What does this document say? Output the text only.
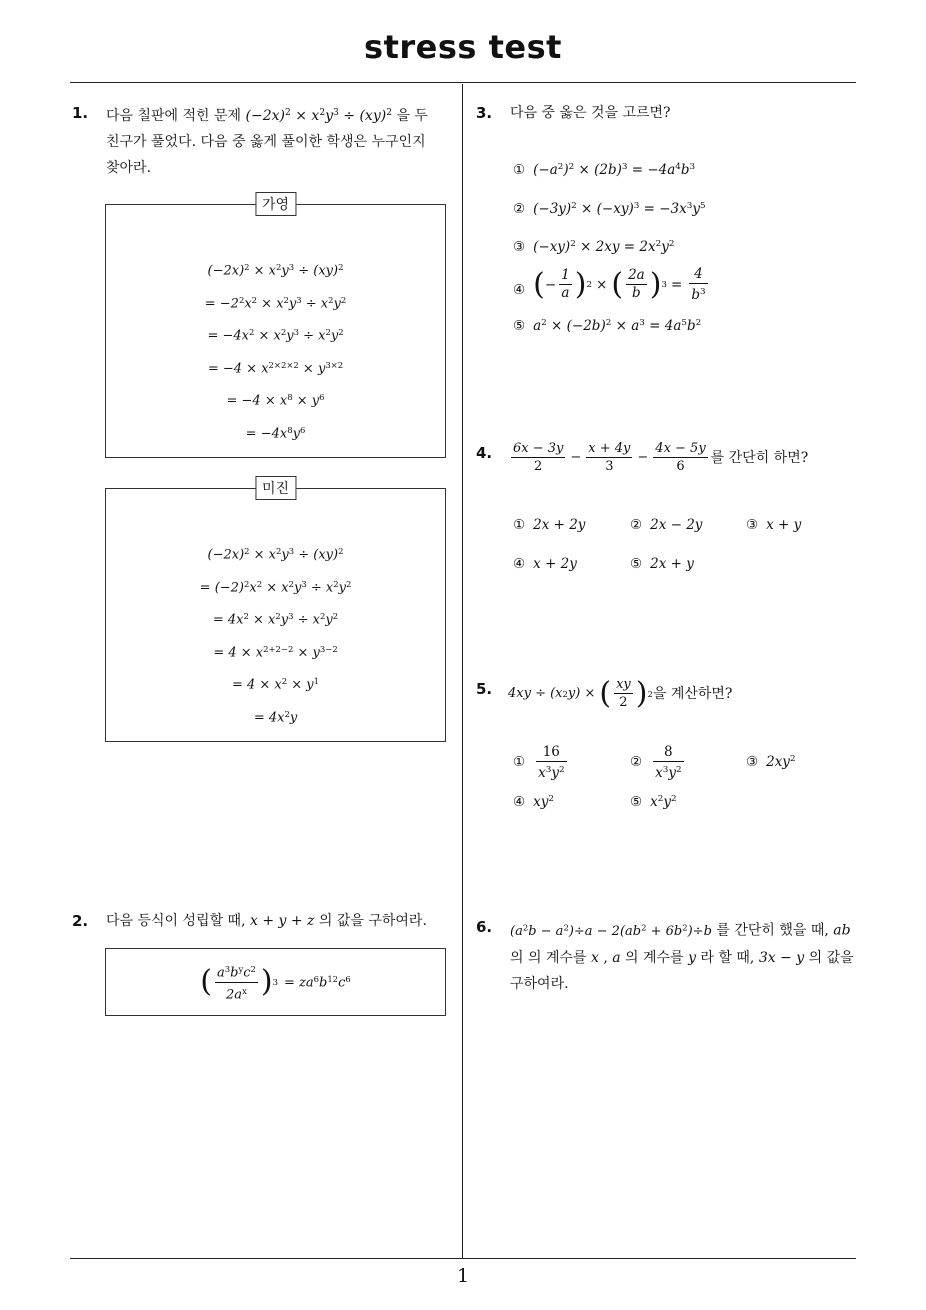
stress test
1
1. 다음 칠판에 적힌 문제 $(-2x)^2 \times x^2y^3 \div (xy)^2$ 을 두
친구가 풀었다. 다음 중 옳게 풀이한 학생은 누구인지
찾아라.
가영
$(-2x)^2 \times x^2y^3 \div (xy)^2$
= $-2^2x^2 \times x^2y^3 \div x^2y^2$
= $-4x^2 \times x^2y^3 \div x^2y^2$
= $-4 \times x^{2\times 2\times 2} \times y^{3\times 2}$
= $-4 \times x^8 \times y^6$
= $-4x^8y^6$
미진
$(-2x)^2 \times x^2y^3 \div (xy)^2$
= $(-2)^2x^2 \times x^2y^3 \div x^2y^2$
= $4x^2 \times x^2y^3 \div x^2y^2$
= $4 \times x^{2+2-2} \times y^{3-2}$
= $4 \times x^2 \times y^1$
= $4x^2y$
2. 다음 등식이 성립할 때, x + y + z 의 값을 구하여라.
( $\frac{a^3b^yc^2}{2a^x}$ ) $3 = za^6b^{12}c^6$
3. 다음 중 옳은 것을 고르면?
① $(-a^2)^2 \times (2b)^3 = -4a^4b^3$
② $(-3y)^2 \times (-xy)^3 = -3x^3y^5$
③ $(-xy)^2 \times 2xy = 2x^2y^2$
④ ( − $\frac{1}{a}$ ) 2 × ( $\frac{2a}{b}$ ) $3 = \frac{4}{b^3}$
⑤ $a^2 \times (-2b)^2 \times a^3 = 4a^5b^2$
4. $\frac{6x - 3y}{2} - \frac{x + 4y}{3} - \frac{4x - 5y}{6}$ 를 간단히 하면?
① 2x + 2y	② 2x − 2y	③ x + y
④ x + 2y	⑤ 2x + y
5. 4xy ÷ (x 2 y) × ( $\frac{xy}{2}$ ) 2 을 계산하면?
① $\frac{16}{x^3y^2}$	② $\frac{8}{x^3y^2}$	③ $2xy^2$
④ $xy^2$	⑤ $x^2y^2$
6. $(a^2b - a^2)\div a - 2(ab^2 + 6b^2)\div b$ 를 간단히 했을 때, ab
의 의 계수를 x , a 의 계수를 y 라 할 때, 3x − y 의 값을
구하여라.
